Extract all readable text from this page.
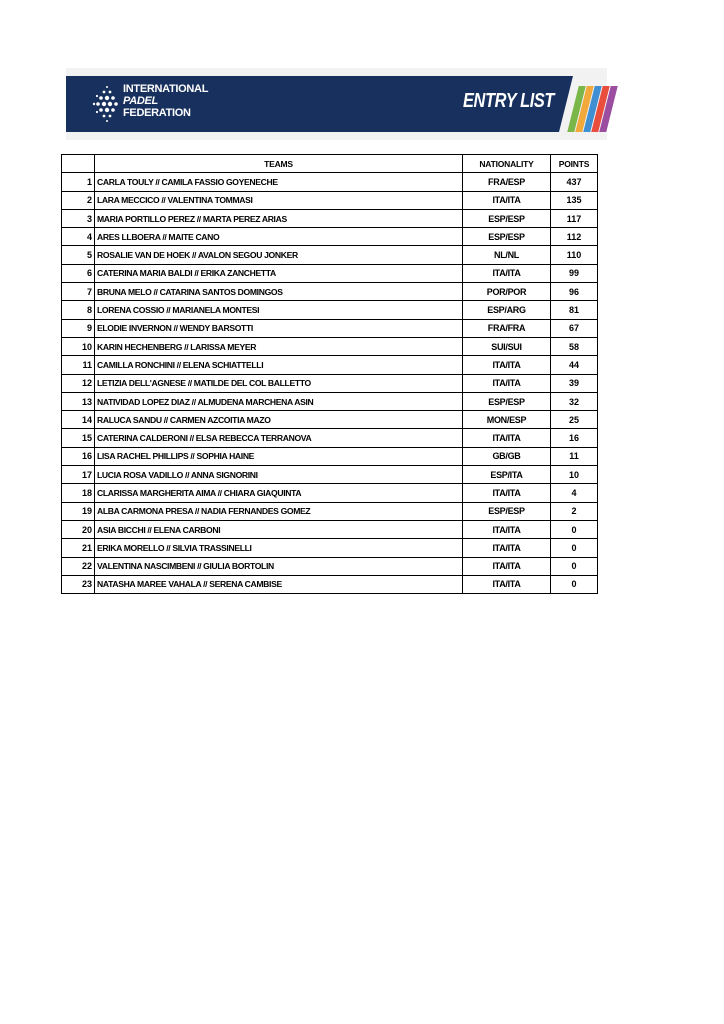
INTERNATIONAL
PADEL
FEDERATION
ENTRY LIST
	TEAMS	NATIONALITY	POINTS
1	CARLA TOULY // CAMILA FASSIO GOYENECHE	FRA/ESP	437
2	LARA MECCICO // VALENTINA TOMMASI	ITA/ITA	135
3	MARIA PORTILLO PEREZ // MARTA PEREZ ARIAS	ESP/ESP	117
4	ARES LLBOERA // MAITE CANO	ESP/ESP	112
5	ROSALIE VAN DE HOEK // AVALON SEGOU JONKER	NL/NL	110
6	CATERINA MARIA BALDI // ERIKA ZANCHETTA	ITA/ITA	99
7	BRUNA MELO // CATARINA SANTOS DOMINGOS	POR/POR	96
8	LORENA COSSIO // MARIANELA MONTESI	ESP/ARG	81
9	ELODIE INVERNON // WENDY BARSOTTI	FRA/FRA	67
10	KARIN HECHENBERG // LARISSA MEYER	SUI/SUI	58
11	CAMILLA RONCHINI // ELENA SCHIATTELLI	ITA/ITA	44
12	LETIZIA DELL'AGNESE // MATILDE DEL COL BALLETTO	ITA/ITA	39
13	NATIVIDAD LOPEZ DIAZ // ALMUDENA MARCHENA ASIN	ESP/ESP	32
14	RALUCA SANDU // CARMEN AZCOITIA MAZO	MON/ESP	25
15	CATERINA CALDERONI // ELSA REBECCA TERRANOVA	ITA/ITA	16
16	LISA RACHEL PHILLIPS // SOPHIA HAINE	GB/GB	11
17	LUCIA ROSA VADILLO // ANNA SIGNORINI	ESP/ITA	10
18	CLARISSA MARGHERITA AIMA // CHIARA GIAQUINTA	ITA/ITA	4
19	ALBA CARMONA PRESA // NADIA FERNANDES GOMEZ	ESP/ESP	2
20	ASIA BICCHI // ELENA CARBONI	ITA/ITA	0
21	ERIKA MORELLO // SILVIA TRASSINELLI	ITA/ITA	0
22	VALENTINA NASCIMBENI // GIULIA BORTOLIN	ITA/ITA	0
23	NATASHA MAREE VAHALA // SERENA CAMBISE	ITA/ITA	0
